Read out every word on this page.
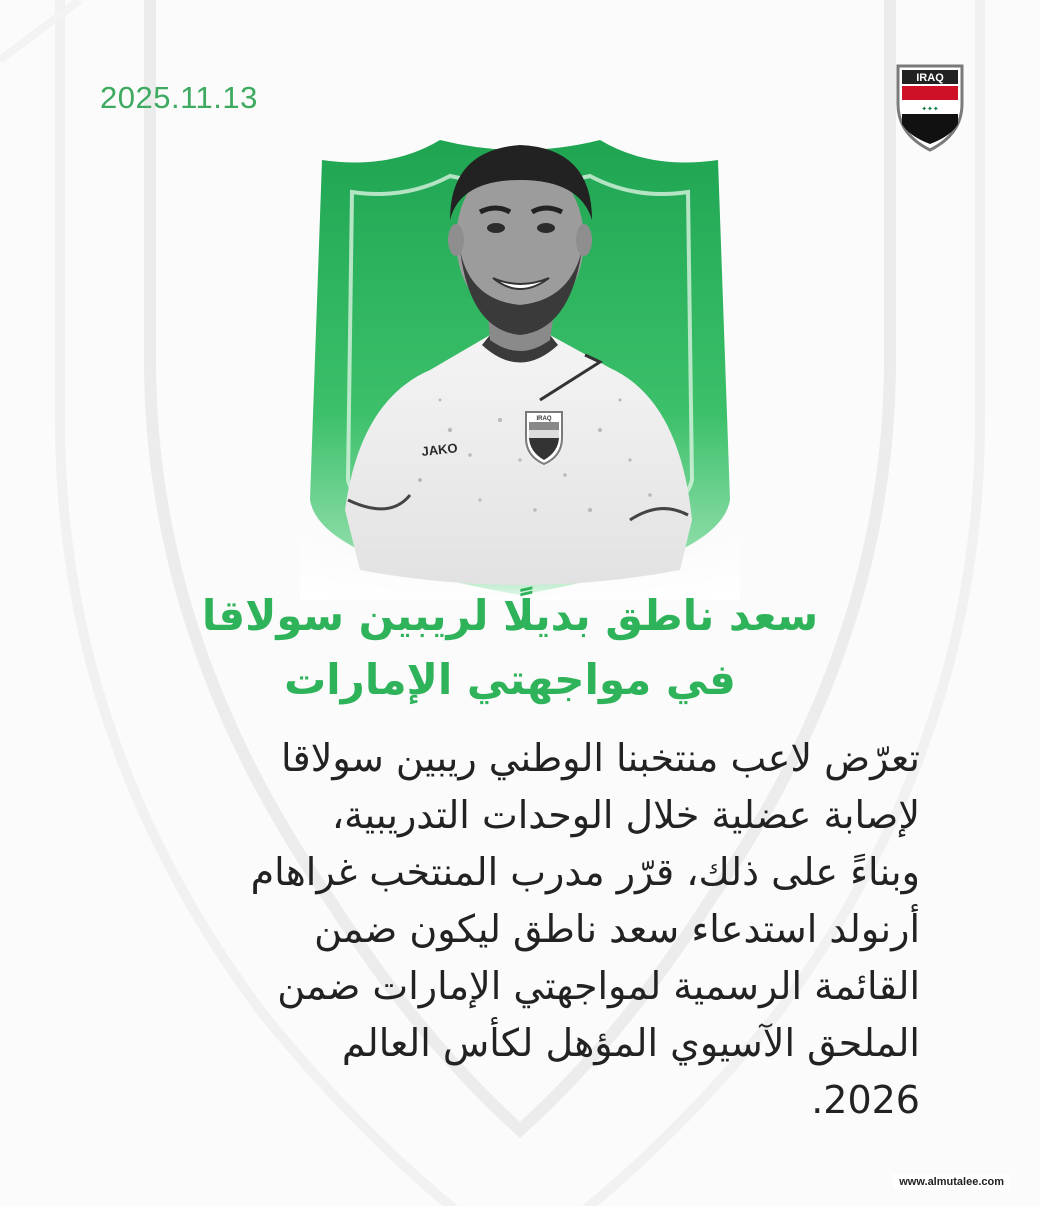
2025.11.13
IRAQ
✦✦✦
IRAQ
JAKO
سعد ناطق بديلًا لريبين سولاقا
في مواجهتي الإمارات
تعرّض لاعب منتخبنا الوطني ريبين سولاقا
لإصابة عضلية خلال الوحدات التدريبية،
وبناءً على ذلك، قرّر مدرب المنتخب غراهام
أرنولد استدعاء سعد ناطق ليكون ضمن
القائمة الرسمية لمواجهتي الإمارات ضمن
الملحق الآسيوي المؤهل لكأس العالم
2026.
www.almutalee.com
